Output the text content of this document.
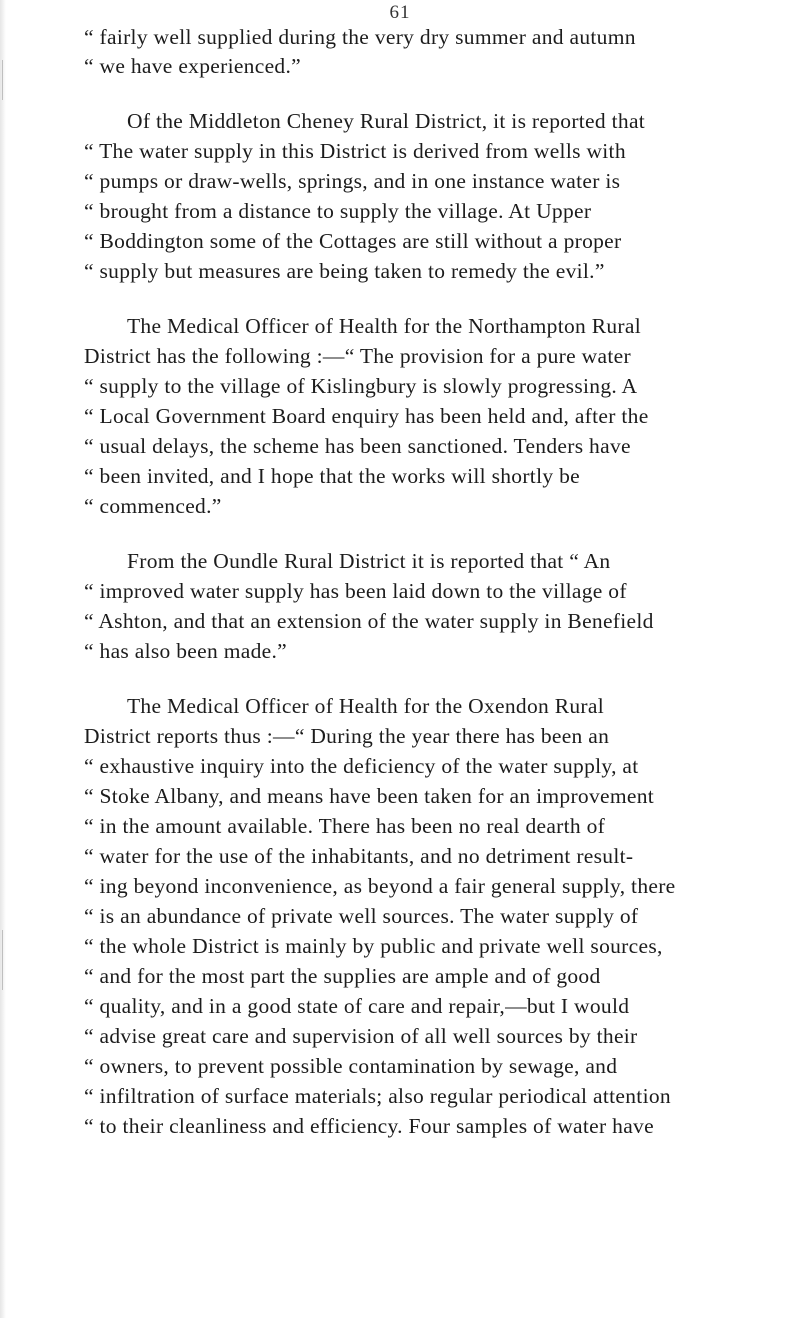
61
“ fairly well supplied during the very dry summer and autumn
“ we have experienced.”
Of the Middleton Cheney Rural District, it is reported that
“ The water supply in this District is derived from wells with
“ pumps or draw-wells, springs, and in one instance water is
“ brought from a distance to supply the village. At Upper
“ Boddington some of the Cottages are still without a proper
“ supply but measures are being taken to remedy the evil.”
The Medical Officer of Health for the Northampton Rural
District has the following :—“ The provision for a pure water
“ supply to the village of Kislingbury is slowly progressing. A
“ Local Government Board enquiry has been held and, after the
“ usual delays, the scheme has been sanctioned. Tenders have
“ been invited, and I hope that the works will shortly be
“ commenced.”
From the Oundle Rural District it is reported that “ An
“ improved water supply has been laid down to the village of
“ Ashton, and that an extension of the water supply in Benefield
“ has also been made.”
The Medical Officer of Health for the Oxendon Rural
District reports thus :—“ During the year there has been an
“ exhaustive inquiry into the deficiency of the water supply, at
“ Stoke Albany, and means have been taken for an improvement
“ in the amount available. There has been no real dearth of
“ water for the use of the inhabitants, and no detriment result-
“ ing beyond inconvenience, as beyond a fair general supply, there
“ is an abundance of private well sources. The water supply of
“ the whole District is mainly by public and private well sources,
“ and for the most part the supplies are ample and of good
“ quality, and in a good state of care and repair,—but I would
“ advise great care and supervision of all well sources by their
“ owners, to prevent possible contamination by sewage, and
“ infiltration of surface materials; also regular periodical attention
“ to their cleanliness and efficiency. Four samples of water have
